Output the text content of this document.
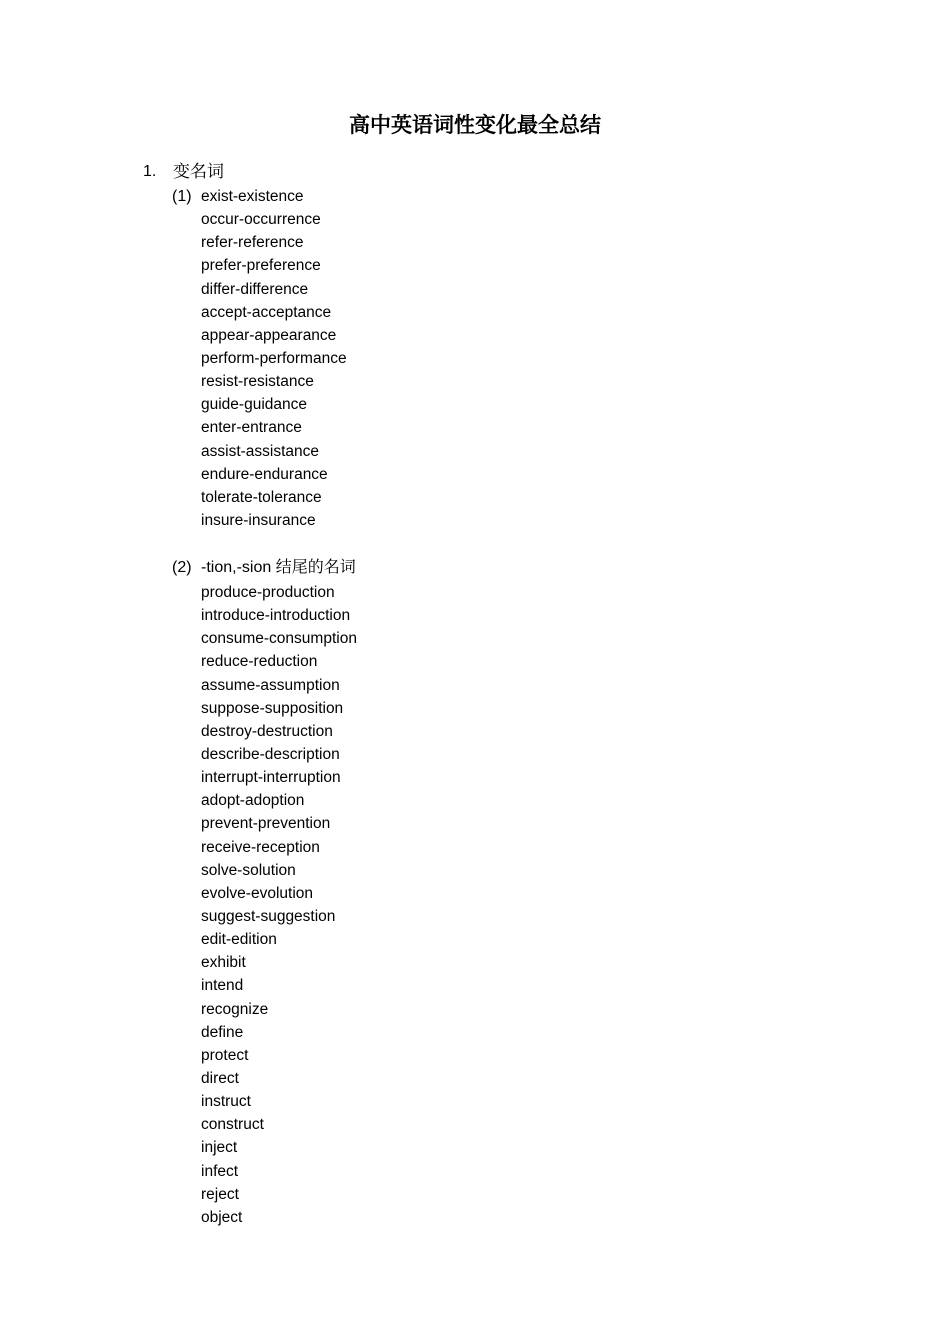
高中英语词性变化最全总结
1. 变名词
(1) exist-existence
occur-occurrence
refer-reference
prefer-preference
differ-difference
accept-acceptance
appear-appearance
perform-performance
resist-resistance
guide-guidance
enter-entrance
assist-assistance
endure-endurance
tolerate-tolerance
insure-insurance
(2) -tion,-sion 结尾的名词
produce-production
introduce-introduction
consume-consumption
reduce-reduction
assume-assumption
suppose-supposition
destroy-destruction
describe-description
interrupt-interruption
adopt-adoption
prevent-prevention
receive-reception
solve-solution
evolve-evolution
suggest-suggestion
edit-edition
exhibit
intend
recognize
define
protect
direct
instruct
construct
inject
infect
reject
object
